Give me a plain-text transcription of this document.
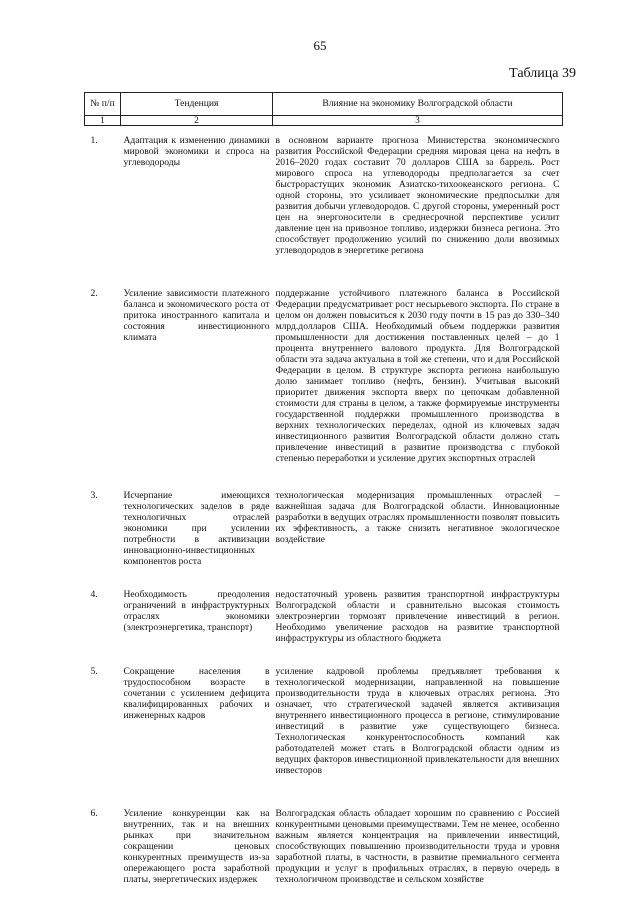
65
Таблица 39
№ п/п	Тенденция	Влияние на экономику Волгоградской области
1	2	3

1.	Адаптация к изменению динамики мировой экономики и спроса на углеводороды	в основном варианте прогноза Министерства экономического развития Российской Федерации средняя мировая цена на нефть в 2016–2020 годах составит 70 долларов США за баррель. Рост мирового спроса на углеводороды предполагается за счет быстрорастущих экономик Азиатско-тихоокеанского региона. С одной стороны, это усиливает экономические предпосылки для развития добычи углеводородов. С другой стороны, умеренный рост цен на энергоносители в среднесрочной перспективе усилит давление цен на привозное топливо, издержки бизнеса региона. Это способствует продолжению усилий по снижению доли ввозимых углеводородов в энергетике региона

2.	Усиление зависимости платежного баланса и экономического роста от притока иностранного капитала и состояния инвестиционного климата	поддержание устойчивого платежного баланса в Российской Федерации предусматривает рост несырьевого экспорта. По стране в целом он должен повыситься к 2030 году почти в 15 раз до 330–340 млрд.долларов США. Необходимый объем поддержки развития промышленности для достижения поставленных целей – до 1 процента внутреннего валового продукта. Для Волгоградской области эта задача актуальна в той же степени, что и для Российской Федерации в целом. В структуре экспорта региона наибольшую долю занимает топливо (нефть, бензин). Учитывая высокий приоритет движения экспорта вверх по цепочкам добавленной стоимости для страны в целом, а также формируемые инструменты государственной поддержки промышленного производства в верхних технологических переделах, одной из ключевых задач инвестиционного развития Волгоградской области должно стать привлечение инвестиций в развитие производства с глубокой степенью переработки и усиление других экспортных отраслей

3.	Исчерпание имеющихся технологических заделов в ряде технологичных отраслей экономики при усилении потребности в активизации инновационно-инвестиционных компонентов роста	технологическая модернизация промышленных отраслей – важнейшая задача для Волгоградской области. Инновационные разработки в ведущих отраслях промышленности позволят повысить их эффективность, а также снизить негативное экологическое воздействие

4.	Необходимость преодоления ограничений в инфраструктурных отраслях экономики (электроэнергетика, транспорт)	недостаточный уровень развития транспортной инфраструктуры Волгоградской области и сравнительно высокая стоимость электроэнергии тормозят привлечение инвестиций в регион. Необходимо увеличение расходов на развитие транспортной инфраструктуры из областного бюджета

5.	Сокращение населения в трудоспособном возрасте в сочетании с усилением дефицита квалифицированных рабочих и инженерных кадров	усиление кадровой проблемы предъявляет требования к технологической модернизации, направленной на повышение производительности труда в ключевых отраслях региона. Это означает, что стратегической задачей является активизация внутреннего инвестиционного процесса в регионе, стимулирование инвестиций в развитие уже существующего бизнеса. Технологическая конкурентоспособность компаний как работодателей может стать в Волгоградской области одним из ведущих факторов инвестиционной привлекательности для внешних инвесторов

6.	Усиление конкуренции как на внутренних, так и на внешних рынках при значительном сокращении ценовых конкурентных преимуществ из-за опережающего роста заработной платы, энергетических издержек	Волгоградская область обладает хорошим по сравнению с Россией конкурентными ценовыми преимуществами. Тем не менее, особенно важным является концентрация на привлечении инвестиций, способствующих повышению производительности труда и уровня заработной платы, в частности, в развитие премиального сегмента продукции и услуг в профильных отраслях, в первую очередь в технологичном производстве и сельском хозяйстве
